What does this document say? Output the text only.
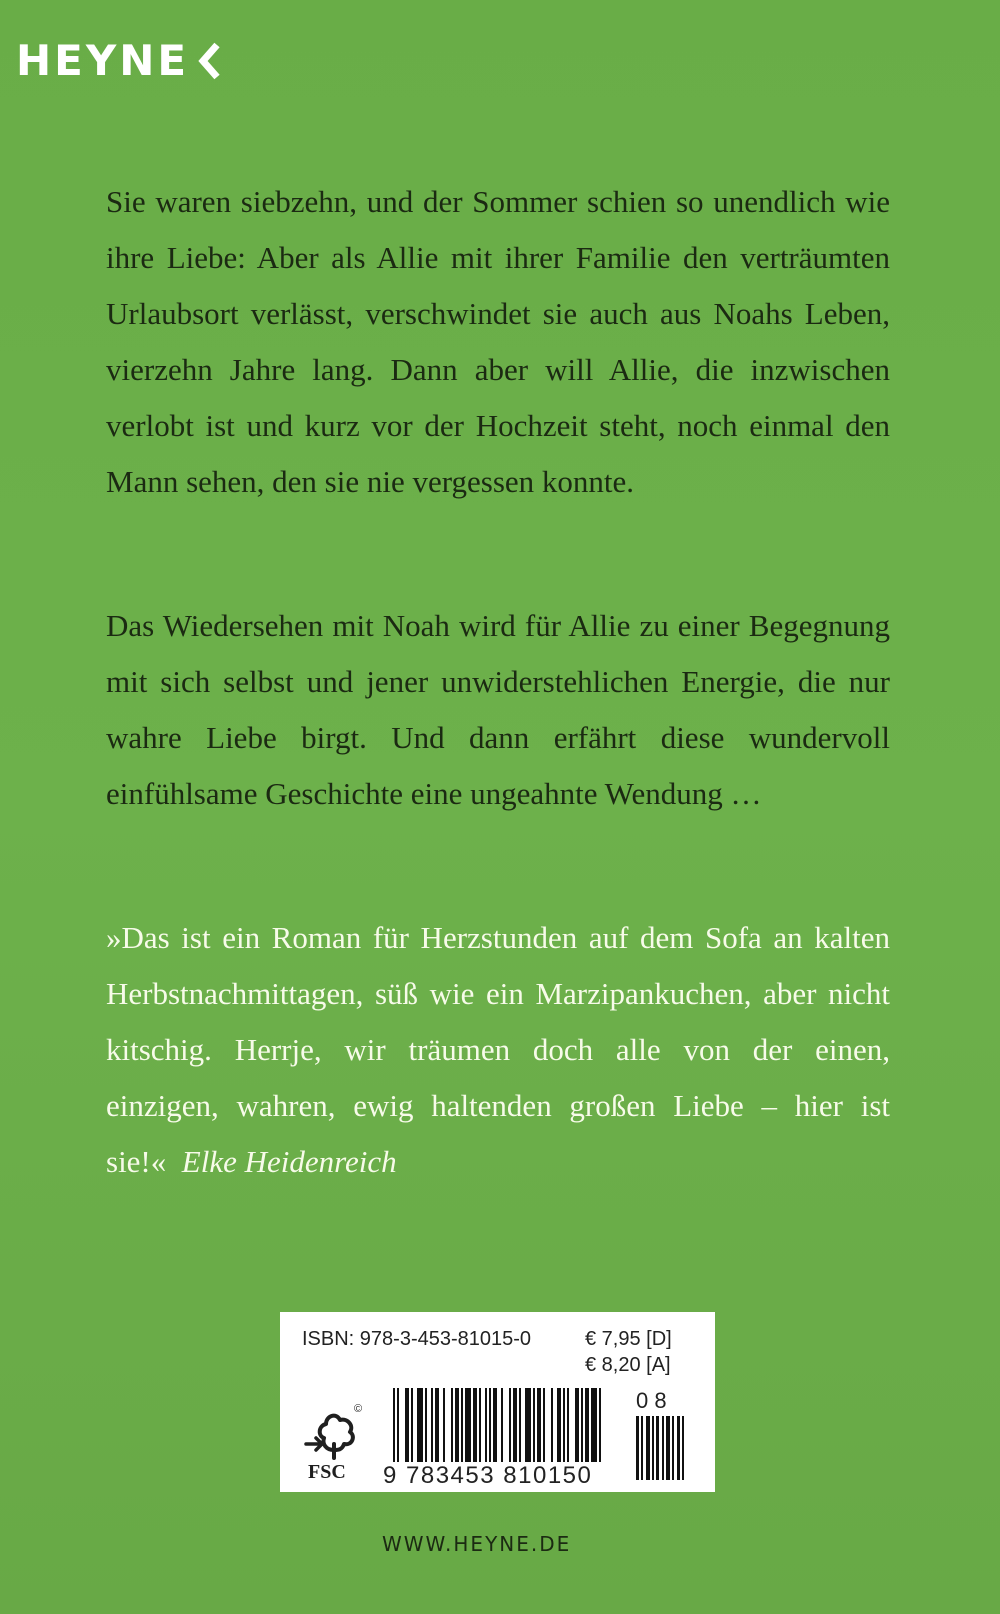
HEYNE

Sie waren siebzehn, und der Sommer schien so unendlich wie ihre Liebe: Aber als Allie mit ihrer Familie den verträumten Urlaubsort verlässt, verschwindet sie auch aus Noahs Leben, vierzehn Jahre lang. Dann aber will Allie, die inzwischen verlobt ist und kurz vor der Hochzeit steht, noch einmal den Mann sehen, den sie nie vergessen konnte.

Das Wiedersehen mit Noah wird für Allie zu einer Begegnung mit sich selbst und jener unwiderstehlichen Energie, die nur wahre Liebe birgt. Und dann erfährt diese wundervoll einfühlsame Geschichte eine ungeahnte Wendung …

»Das ist ein Roman für Herzstunden auf dem Sofa an kalten Herbstnachmittagen, süß wie ein Marzipankuchen, aber nicht kitschig. Herrje, wir träumen doch alle von der einen, einzigen, wahren, ewig haltenden großen Liebe – hier ist sie!« Elke Heidenreich

ISBN: 978-3-453-81015-0	€ 7,95 [D]
€ 8,20 [A]
©
FSC 9 783453 810150
0 8
WWW.HEYNE.DE
